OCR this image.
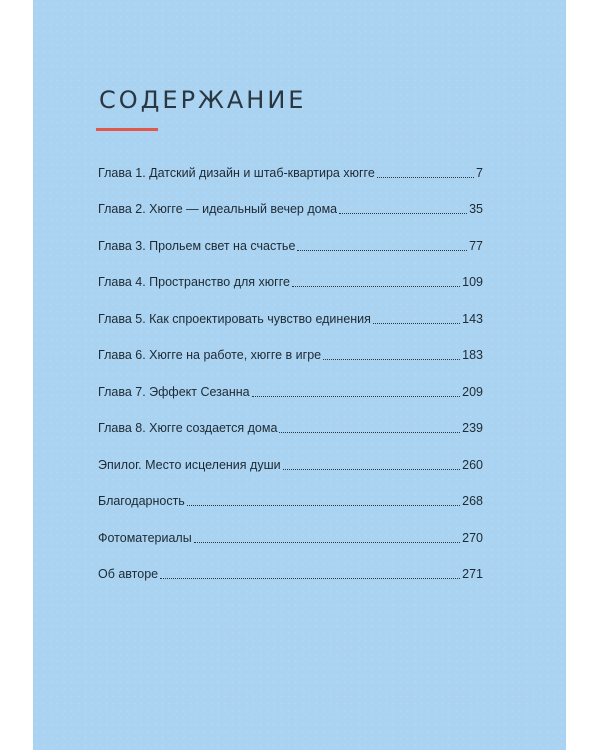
СОДЕРЖАНИЕ
Глава 1. Датский дизайн и штаб-квартира хюгге	7
Глава 2. Хюгге — идеальный вечер дома	35
Глава 3. Прольем свет на счастье	77
Глава 4. Пространство для хюгге	109
Глава 5. Как спроектировать чувство единения	143
Глава 6. Хюгге на работе, хюгге в игре	183
Глава 7. Эффект Сезанна	209
Глава 8. Хюгге создается дома	239
Эпилог. Место исцеления души	260
Благодарность	268
Фотоматериалы	270
Об авторе	271
